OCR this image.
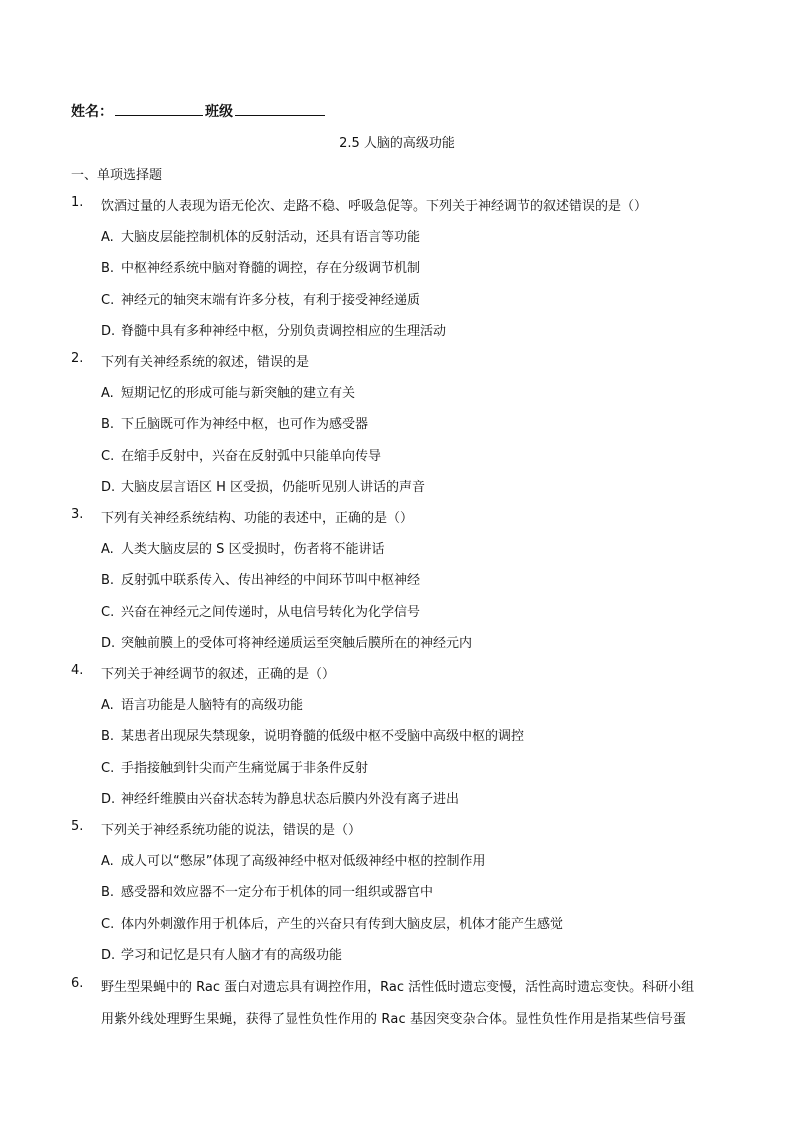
姓名：	班级
2.5 人脑的高级功能
一、单项选择题
1. 饮酒过量的人表现为语无伦次、走路不稳、呼吸急促等。下列关于神经调节的叙述错误的是（）
A. 大脑皮层能控制机体的反射活动，还具有语言等功能
B. 中枢神经系统中脑对脊髓的调控，存在分级调节机制
C. 神经元的轴突末端有许多分枝，有利于接受神经递质
D. 脊髓中具有多种神经中枢，分别负责调控相应的生理活动
2. 下列有关神经系统的叙述，错误的是
A. 短期记忆的形成可能与新突触的建立有关
B. 下丘脑既可作为神经中枢，也可作为感受器
C. 在缩手反射中，兴奋在反射弧中只能单向传导
D. 大脑皮层言语区 H 区受损，仍能听见别人讲话的声音
3. 下列有关神经系统结构、功能的表述中，正确的是（）
A. 人类大脑皮层的 S 区受损时，伤者将不能讲话
B. 反射弧中联系传入、传出神经的中间环节叫中枢神经
C. 兴奋在神经元之间传递时，从电信号转化为化学信号
D. 突触前膜上的受体可将神经递质运至突触后膜所在的神经元内
4. 下列关于神经调节的叙述，正确的是（）
A. 语言功能是人脑特有的高级功能
B. 某患者出现尿失禁现象，说明脊髓的低级中枢不受脑中高级中枢的调控
C. 手指接触到针尖而产生痛觉属于非条件反射
D. 神经纤维膜由兴奋状态转为静息状态后膜内外没有离子进出
5. 下列关于神经系统功能的说法，错误的是（）
A. 成人可以“憋尿”体现了高级神经中枢对低级神经中枢的控制作用
B. 感受器和效应器不一定分布于机体的同一组织或器官中
C. 体内外刺激作用于机体后，产生的兴奋只有传到大脑皮层，机体才能产生感觉
D. 学习和记忆是只有人脑才有的高级功能
6. 野生型果蝇中的 Rac 蛋白对遗忘具有调控作用，Rac 活性低时遗忘变慢，活性高时遗忘变快。科研小组
用紫外线处理野生果蝇，获得了显性负性作用的 Rac 基因突变杂合体。显性负性作用是指某些信号蛋
